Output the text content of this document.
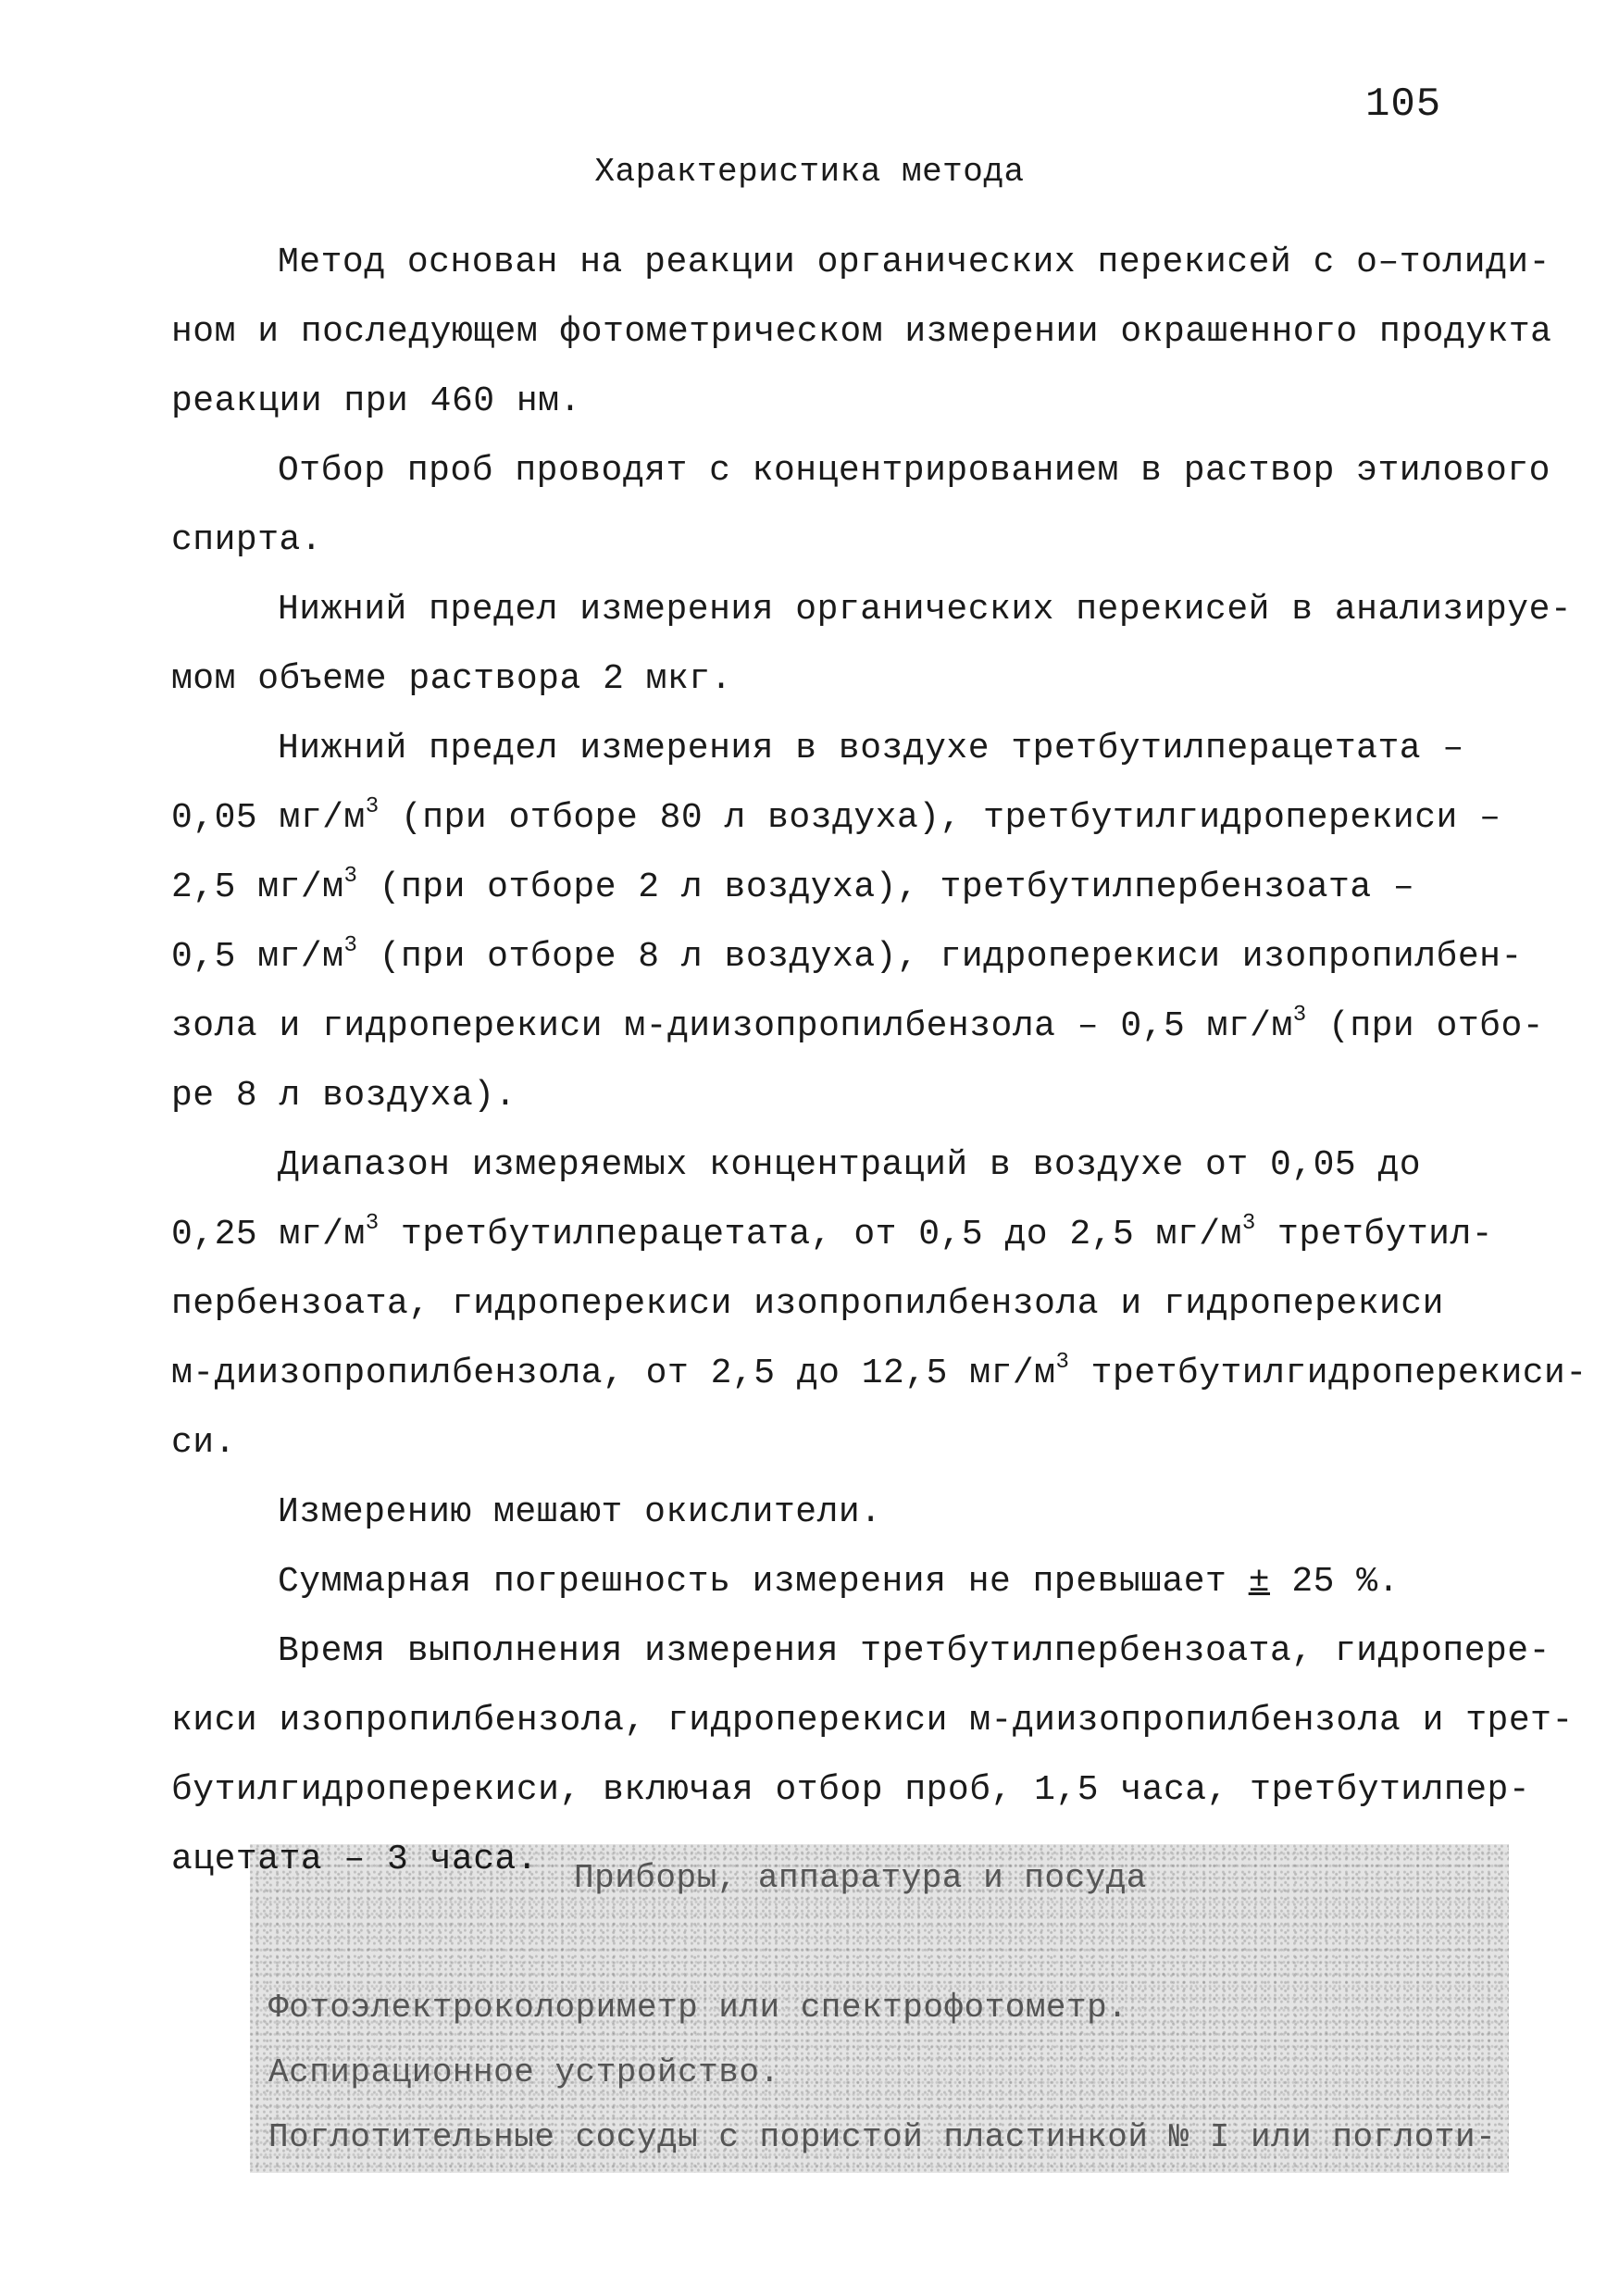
105
Характеристика метода
Метод основан на реакции органических перекисей с о–толиди-
ном и последующем фотометрическом измерении окрашенного продукта
реакции при 460 нм.
Отбор проб проводят с концентрированием в раствор этилового
спирта.
Нижний предел измерения органических перекисей в анализируе-
мом объеме раствора 2 мкг.
Нижний предел измерения в воздухе третбутилперацетата –
0,05 $мг/м^3$ (при отборе 80 л воздуха), третбутилгидроперекиси –
2,5 $мг/м^3$ (при отборе 2 л воздуха), третбутилпербензоата –
0,5 $мг/м^3$ (при отборе 8 л воздуха), гидроперекиси изопропилбен-
зола и гидроперекиси м-диизопропилбензола – 0,5 $мг/м^3$ (при отбо-
ре 8 л воздуха).
Диапазон измеряемых концентраций в воздухе от 0,05 до
0,25 $мг/м^3$ третбутилперацетата, от 0,5 до 2,5 $мг/м^3$ третбутил-
пербензоата, гидроперекиси изопропилбензола и гидроперекиси
м-диизопропилбензола, от 2,5 до 12,5 $мг/м^3$ третбутилгидроперекиси-
си.
Измерению мешают окислители.
Суммарная погрешность измерения не превышает ± 25 %.
Время выполнения измерения третбутилпербензоата, гидропере-
киси изопропилбензола, гидроперекиси м-диизопропилбензола и трет-
бутилгидроперекиси, включая отбор проб, 1,5 часа, третбутилпер-
ацетата – 3 часа. Приборы, аппаратура и посуда
Фотоэлектроколориметр или спектрофотометр.
Аспирационное устройство.
Поглотительные сосуды с пористой пластинкой № I или поглоти-
